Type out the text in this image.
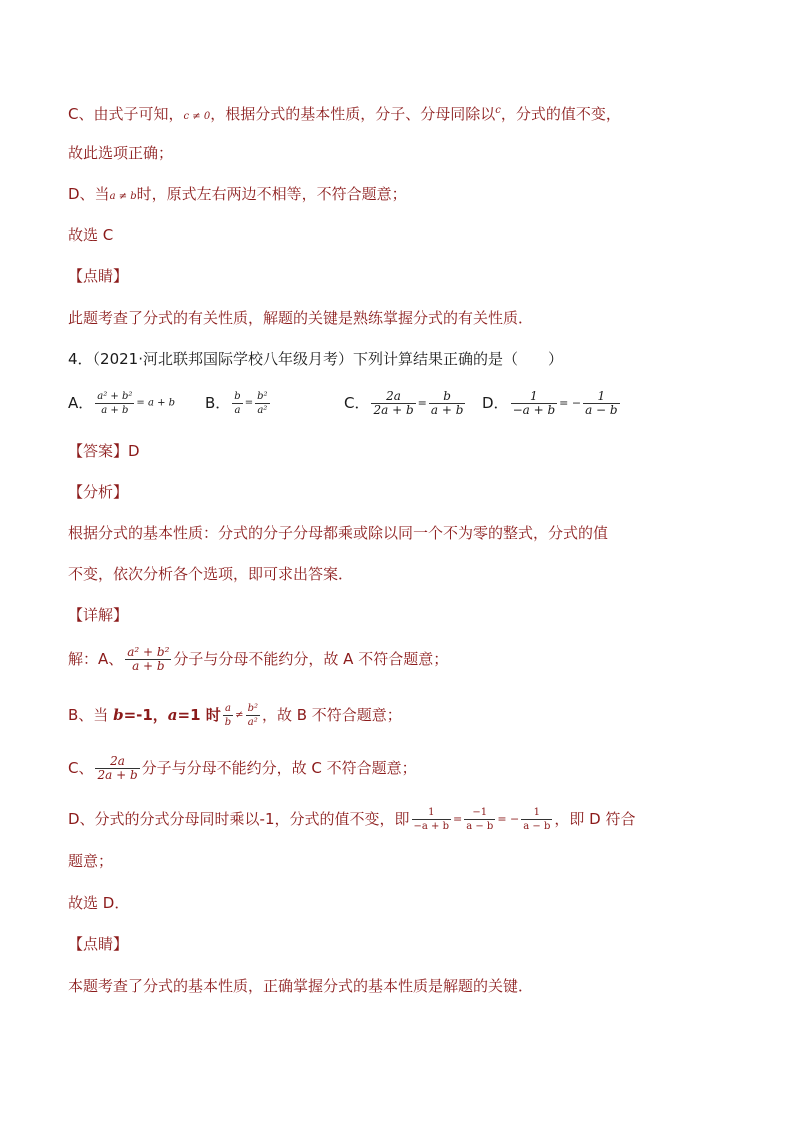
C、由式子可知，c ≠ 0，根据分式的基本性质，分子、分母同除以$^c$，分式的值不变，
故此选项正确；
D、当a ≠ b时，原式左右两边不相等，不符合题意；
故选 C
【点睛】
此题考查了分式的有关性质，解题的关键是熟练掌握分式的有关性质．
4．（2021·河北联邦国际学校八年级月考）下列计算结果正确的是（　　）
A． $\frac{\text{a² + b²}}{a + b} = a + b$ B． $\frac{b}{a} = \frac{\text{b²}}{\text{a²}}$	C． $\frac{2a}{2a + b} = \frac{b}{a + b}$ D． $\frac{1}{-a + b}$ = − $\frac{1}{a - b}$
【答案】D
【分析】
根据分式的基本性质：分式的分子分母都乘或除以同一个不为零的整式，分式的值
不变，依次分析各个选项，即可求出答案．
【详解】
解：A、 $\frac{\text{a² + b²}}{a + b}$ 分子与分母不能约分，故 A 不符合题意；
B、当 b=-1，a=1 时 $\frac{a}{b} \ne \frac{\text{b²}}{\text{a²}}$ ，故 B 不符合题意；
C、 $\frac{2a}{2a + b}$ 分子与分母不能约分，故 C 不符合题意；
D、分式的分式分母同时乘以-1，分式的值不变，即 $\frac{1}{-a + b} = \frac{-1}{a - b}$ = − $\frac{1}{a - b}$ ，即 D 符合
题意；
故选 D．
【点睛】
本题考查了分式的基本性质，正确掌握分式的基本性质是解题的关键．
